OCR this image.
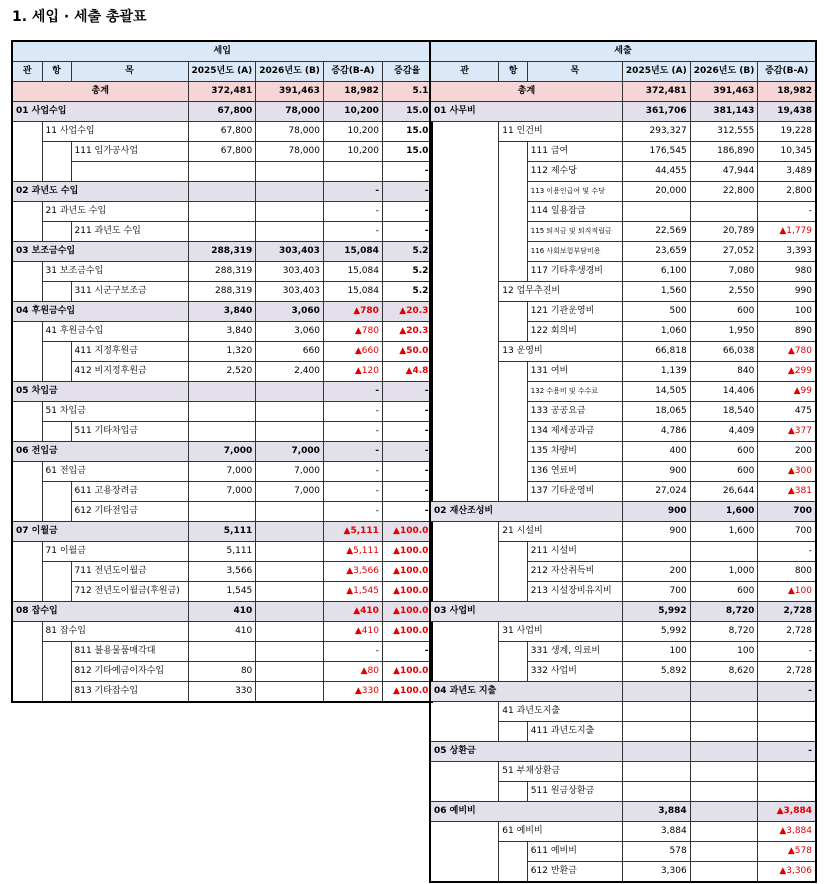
1. 세입 · 세출 총괄표
세입						
관	항	목	2025년도 (A)	2026년도 (B)	증감(B-A)	증감율
총계			372,481	391,463	18,982	5.1
01 사업수입			67,800	78,000	10,200	15.0
	11 사업수입		67,800	78,000	10,200	15.0
		111 임가공사업	67,800	78,000	10,200	15.0
						-
02 과년도 수입					-	-
	21 과년도 수입				-	-
		211 과년도 수입			-	-
03 보조금수입			288,319	303,403	15,084	5.2
	31 보조금수입		288,319	303,403	15,084	5.2
		311 시군구보조금	288,319	303,403	15,084	5.2
04 후원금수입			3,840	3,060	▲780	▲20.3
	41 후원금수입		3,840	3,060	▲780	▲20.3
		411 지정후원금	1,320	660	▲660	▲50.0
		412 비지정후원금	2,520	2,400	▲120	▲4.8
05 차입금					-	-
	51 차입금				-	-
		511 기타차입금			-	-
06 전입금			7,000	7,000	-	-
	61 전입금		7,000	7,000	-	-
		611 고용장려금	7,000	7,000	-	-
		612 기타전입금			-	-
07 이월금			5,111		▲5,111	▲100.0
	71 이월금		5,111		▲5,111	▲100.0
		711 전년도이월금	3,566		▲3,566	▲100.0
		712 전년도이월금(후원금)	1,545		▲1,545	▲100.0
08 잡수입			410		▲410	▲100.0
	81 잡수입		410		▲410	▲100.0
		811 불용물품매각대			-	-
		812 기타예금이자수입	80		▲80	▲100.0
		813 기타잡수입	330		▲330	▲100.0
세출					
관	항	목	2025년도 (A)	2026년도 (B)	증감(B-A)
총계			372,481	391,463	18,982
01 사무비			361,706	381,143	19,438
	11 인건비		293,327	312,555	19,228
		111 급여	176,545	186,890	10,345
		112 제수당	44,455	47,944	3,489
		113 이용인급여 및 수당	20,000	22,800	2,800
		114 일용잡급			-
		115 퇴직금 및 퇴직적립금	22,569	20,789	▲1,779
		116 사회보험부담비용	23,659	27,052	3,393
		117 기타후생경비	6,100	7,080	980
	12 업무추진비		1,560	2,550	990
		121 기관운영비	500	600	100
		122 회의비	1,060	1,950	890
	13 운영비		66,818	66,038	▲780
		131 여비	1,139	840	▲299
		132 수용비 및 수수료	14,505	14,406	▲99
		133 공공요금	18,065	18,540	475
		134 제세공과금	4,786	4,409	▲377
		135 차량비	400	600	200
		136 연료비	900	600	▲300
		137 기타운영비	27,024	26,644	▲381
02 재산조성비			900	1,600	700
	21 시설비		900	1,600	700
		211 시설비			-
		212 자산취득비	200	1,000	800
		213 시설장비유지비	700	600	▲100
03 사업비			5,992	8,720	2,728
	31 사업비		5,992	8,720	2,728
		331 생계, 의료비	100	100	-
		332 사업비	5,892	8,620	2,728
04 과년도 지출					-
	41 과년도지출				
		411 과년도지출			
05 상환금					-
	51 부채상환금				
		511 원금상환금			
06 예비비			3,884		▲3,884
	61 예비비		3,884		▲3,884
		611 예비비	578		▲578
		612 반환금	3,306		▲3,306
